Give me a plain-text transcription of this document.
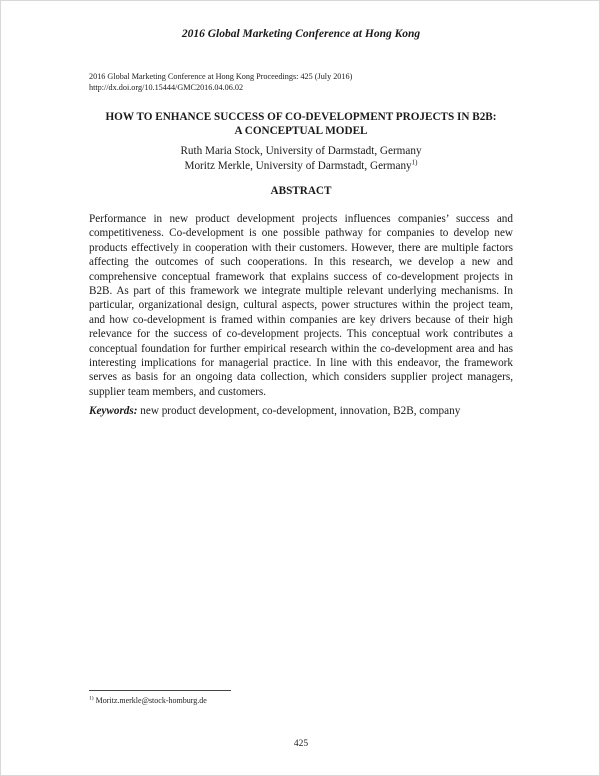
2016 Global Marketing Conference at Hong Kong
2016 Global Marketing Conference at Hong Kong Proceedings: 425 (July 2016)
http://dx.doi.org/10.15444/GMC2016.04.06.02
HOW TO ENHANCE SUCCESS OF CO-DEVELOPMENT PROJECTS IN B2B:
A CONCEPTUAL MODEL
Ruth Maria Stock, University of Darmstadt, Germany
Moritz Merkle, University of Darmstadt, Germany$^{1)}$
ABSTRACT

Performance in new product development projects influences companies’ success and competitiveness. Co-development is one possible pathway for companies to develop new products effectively in cooperation with their customers. However, there are multiple factors affecting the outcomes of such cooperations. In this research, we develop a new and comprehensive conceptual framework that explains success of co-development projects in B2B. As part of this framework we integrate multiple relevant underlying mechanisms. In particular, organizational design, cultural aspects, power structures within the project team, and how co-development is framed within companies are key drivers because of their high relevance for the success of co-development projects. This conceptual work contributes a conceptual foundation for further empirical research within the co-development area and has interesting implications for managerial practice. In line with this endeavor, the framework serves as basis for an ongoing data collection, which considers supplier project managers, supplier team members, and customers.

Keywords: new product development, co-development, innovation, B2B, company
$^{1)}$ Moritz.merkle@stock-homburg.de
425
